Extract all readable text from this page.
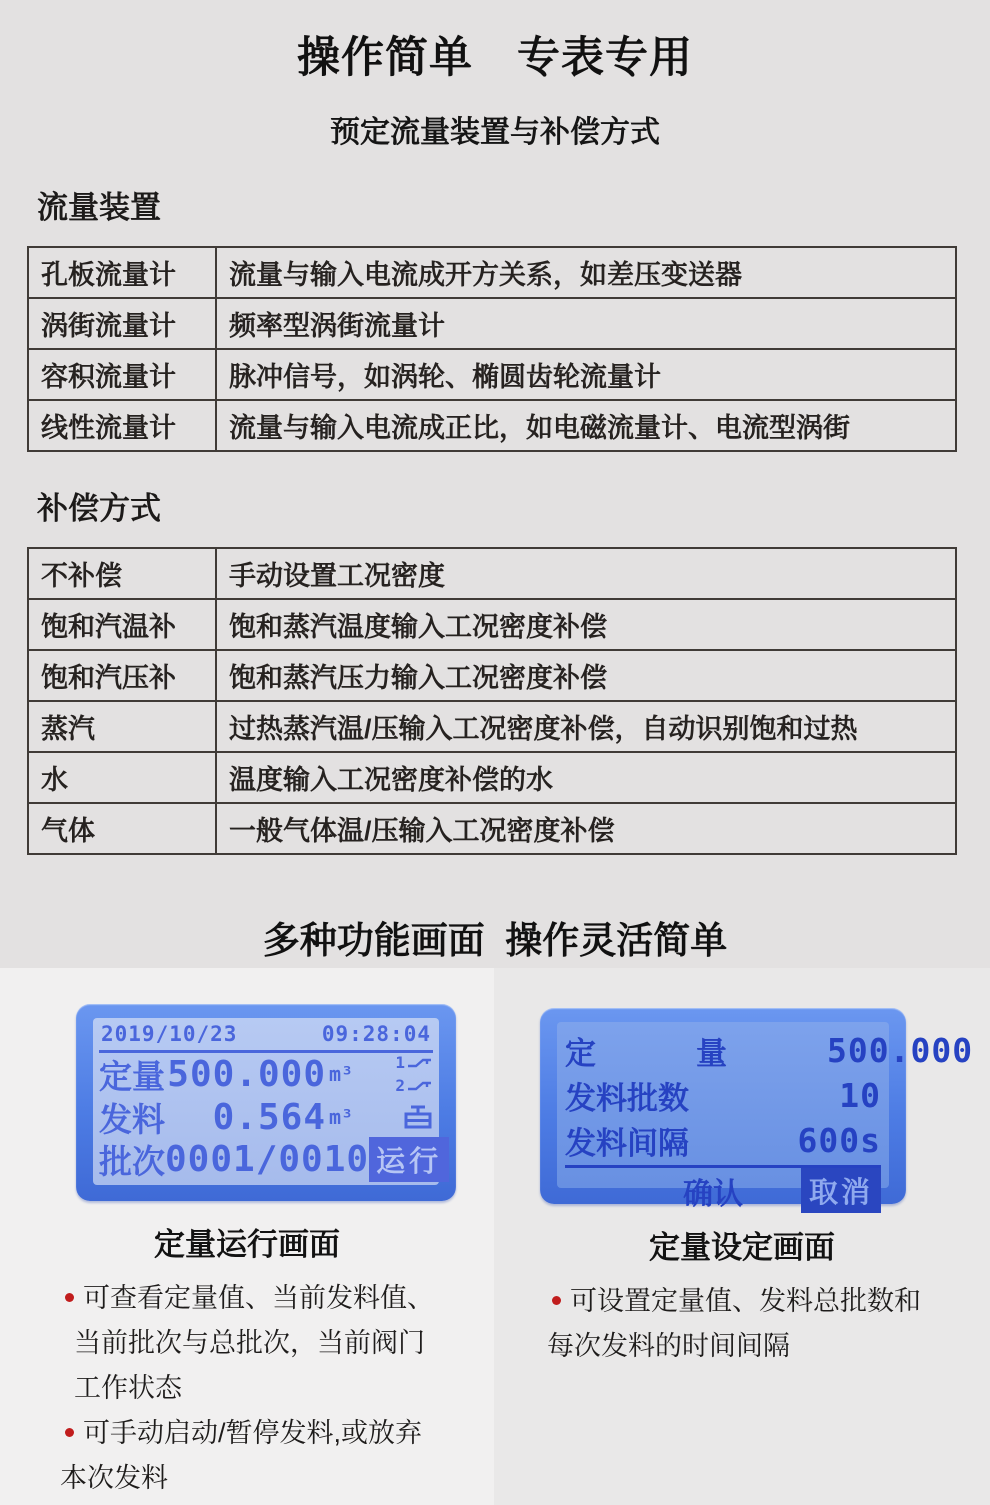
操作简单　专表专用
预定流量装置与补偿方式
流量装置
孔板流量计	流量与输入电流成开方关系，如差压变送器
涡街流量计	频率型涡街流量计
容积流量计	脉冲信号，如涡轮、椭圆齿轮流量计
线性流量计	流量与输入电流成正比，如电磁流量计、电流型涡街
补偿方式
不补偿	手动设置工况密度
饱和汽温补	饱和蒸汽温度输入工况密度补偿
饱和汽压补	饱和蒸汽压力输入工况密度补偿
蒸汽	过热蒸汽温/压输入工况密度补偿，自动识别饱和过热
水	温度输入工况密度补偿的水
气体	一般气体温/压输入工况密度补偿
多种功能画面  操作灵活简单
2019/10/23	09:28:04
定量 500.000 m³	1
2
发料	0.564 m³
批次 0001/0010 运行
定量运行画面
可查看定量值、当前发料值、
当前批次与总批次，当前阀门
工作状态
可手动启动/暂停发料,或放弃
本次发料
定量 500.000
发料批数	10
发料间隔	600s
确认 取消
定量设定画面
可设置定量值、发料总批数和
每次发料的时间间隔
